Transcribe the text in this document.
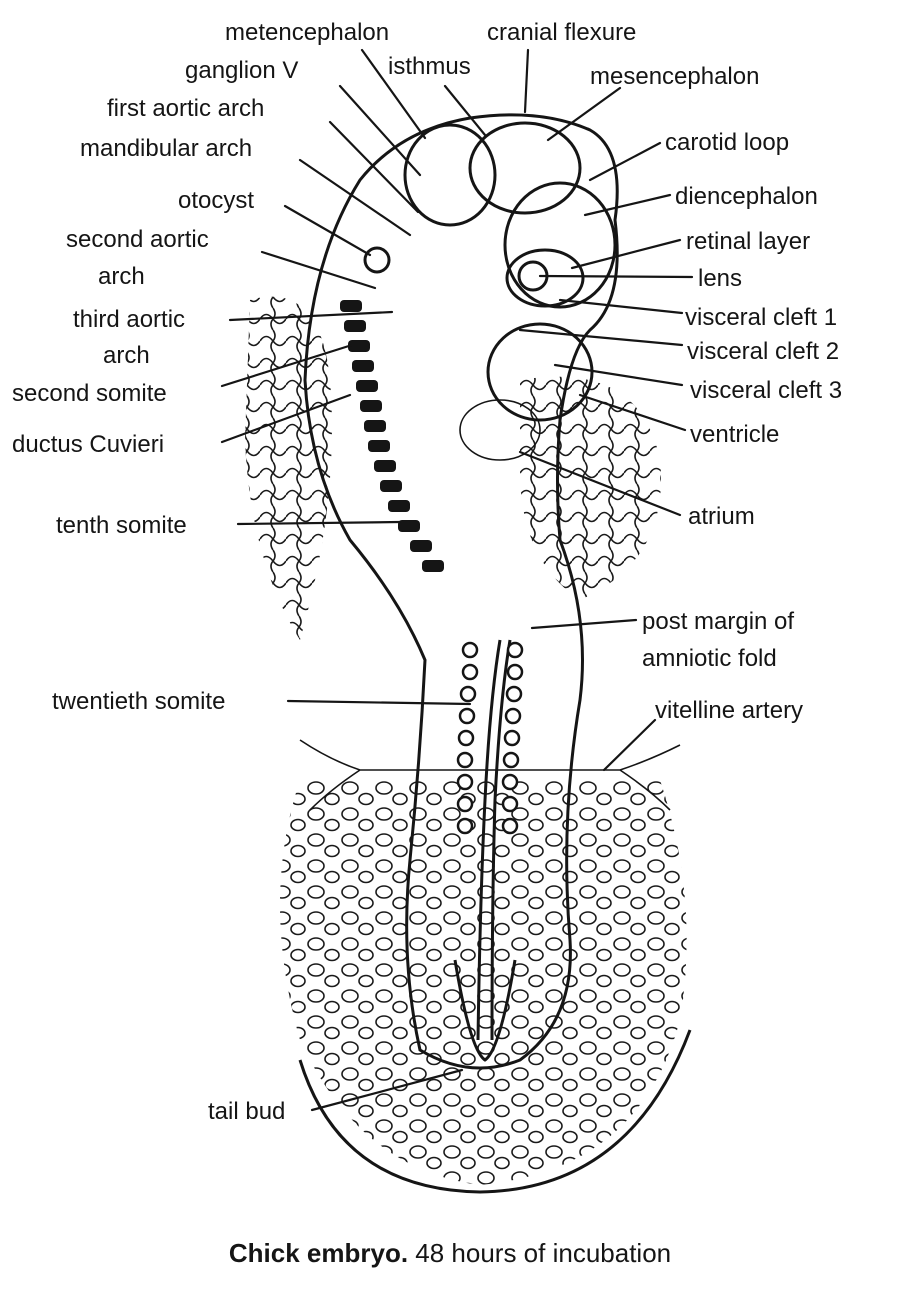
metencephalon	cranial flexure
ganglion V	isthmus	mesencephalon
first aortic arch
carotid loop
mandibular arch
otocyst	diencephalon
second aortic	retinal layer
arch	lens
third aortic	visceral cleft 1
visceral cleft 2
arch
second somite	visceral cleft 3
ventricle
ductus Cuvieri
atrium
tenth somite
post margin of
amniotic fold
twentieth somite	vitelline artery
tail bud
Chick embryo. 48 hours of incubation
